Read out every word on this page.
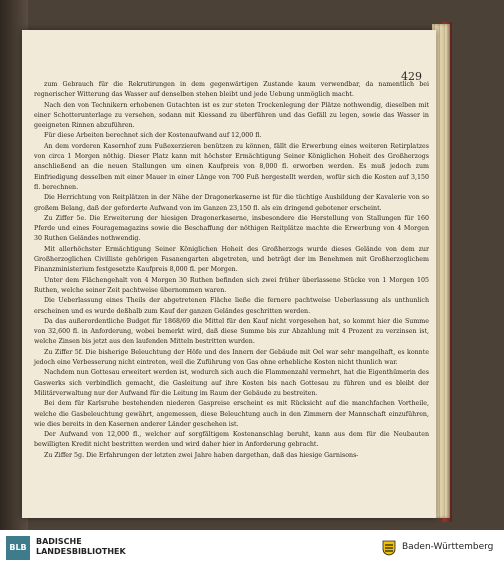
429

zum Gebrauch für die Rekrutirungen in dem gegenwärtigen Zustande kaum verwendbar, da namentlich bei regnerischer Witterung das Wasser auf denselben stehen bleibt und jede Uebung unmöglich macht.

Nach den von Technikern erhobenen Gutachten ist es zur steten Trockenlegung der Plätze nothwendig, dieselben mit einer Schotterunterlage zu versehen, sodann mit Kiessand zu überführen und das Gefäll zu legen, sowie das Wasser in geeigneten Rinnen abzuführen.

Für diese Arbeiten berechnet sich der Kostenaufwand auf 12,000 fl.

An dem vorderen Kasernhof zum Fußexerzieren benützen zu können, fällt die Erwerbung eines weiteren Retirplatzes von circa 1 Morgen nöthig. Dieser Platz kann mit höchster Ermächtigung Seiner Königlichen Hoheit des Großherzogs anschließend an die neuen Stallungen um einen Kaufpreis von 8,000 fl. erworben werden. Es muß jedoch zum Einfriedigung desselben mit einer Mauer in einer Länge von 700 Fuß hergestellt werden, wofür sich die Kosten auf 3,150 fl. berechnen.

Die Herrichtung von Reitplätzen in der Nähe der Dragonerkaserne ist für die tüchtige Ausbildung der Kavalerie von so großem Belang, daß der geforderte Aufwand von im Ganzen 23,150 fl. als ein dringend gebotener erscheint.

Zu Ziffer 5e. Die Erweiterung der hiesigen Dragonerkaserne, insbesondere die Herstellung von Stallungen für 160 Pferde und eines Fouragemagazins sowie die Beschaffung der nöthigen Reitplätze machte die Erwerbung von 4 Morgen 30 Ruthen Geländes nothwendig.

Mit allerhöchster Ermächtigung Seiner Königlichen Hoheit des Großherzogs wurde dieses Gelände von dem zur Großherzoglichen Civilliste gehörigen Fasanengarten abgetreten, und beträgt der im Benehmen mit Großherzoglichem Finanzministerium festgesetzte Kaufpreis 8,000 fl. per Morgen.

Unter dem Flächengehalt von 4 Morgen 30 Ruthen befinden sich zwei früher überlassene Stücke von 1 Morgen 105 Ruthen, welche seiner Zeit pachtweise übernommen waren.

Die Ueberlassung eines Theils der abgetretenen Fläche ließe die fernere pachtweise Ueberlassung als unthunlich erscheinen und es wurde deßhalb zum Kauf der ganzen Geländes geschritten werden.

Da das außerordentliche Budget für 1868/69 die Mittel für den Kauf nicht vorgesehen hat, so kommt hier die Summe von 32,600 fl. in Anforderung, wobei bemerkt wird, daß diese Summe bis zur Abzahlung mit 4 Prozent zu verzinsen ist, welche Zinsen bis jetzt aus den laufenden Mitteln bestritten wurden.

Zu Ziffer 5f. Die bisherige Beleuchtung der Höfe und des Innern der Gebäude mit Oel war sehr mangelhaft, es konnte jedoch eine Verbesserung nicht eintreten, weil die Zuführung von Gas ohne erhebliche Kosten nicht thunlich war.

Nachdem nun Gottesau erweitert werden ist, wodurch sich auch die Flammenzahl vermehrt, hat die Eigenthümerin des Gaswerks sich verbindlich gemacht, die Gasleitung auf ihre Kosten bis nach Gottesau zu führen und es bleibt der Militärverwaltung nur der Aufwand für die Leitung im Raum der Gebäude zu bestreiten.

Bei dem für Karlsruhe bestehenden niederen Gaspreise erscheint es mit Rücksicht auf die manchfachen Vortheile, welche die Gasbeleuchtung gewährt, angemessen, diese Beleuchtung auch in den Zimmern der Mannschaft einzuführen, wie dies bereits in den Kasernen anderer Länder geschehen ist.

Der Aufwand von 12,000 fl., welcher auf sorgfältigem Kostenanschlag beruht, kann aus dem für die Neubauten bewilligten Kredit nicht bestritten werden und wird daher hier in Anforderung gebracht.

Zu Ziffer 5g. Die Erfahrungen der letzten zwei Jahre haben dargethan, daß das hiesige Garnisons-

BLB
BADISCHE
LANDESBIBLIOTHEK	Baden-Württemberg
